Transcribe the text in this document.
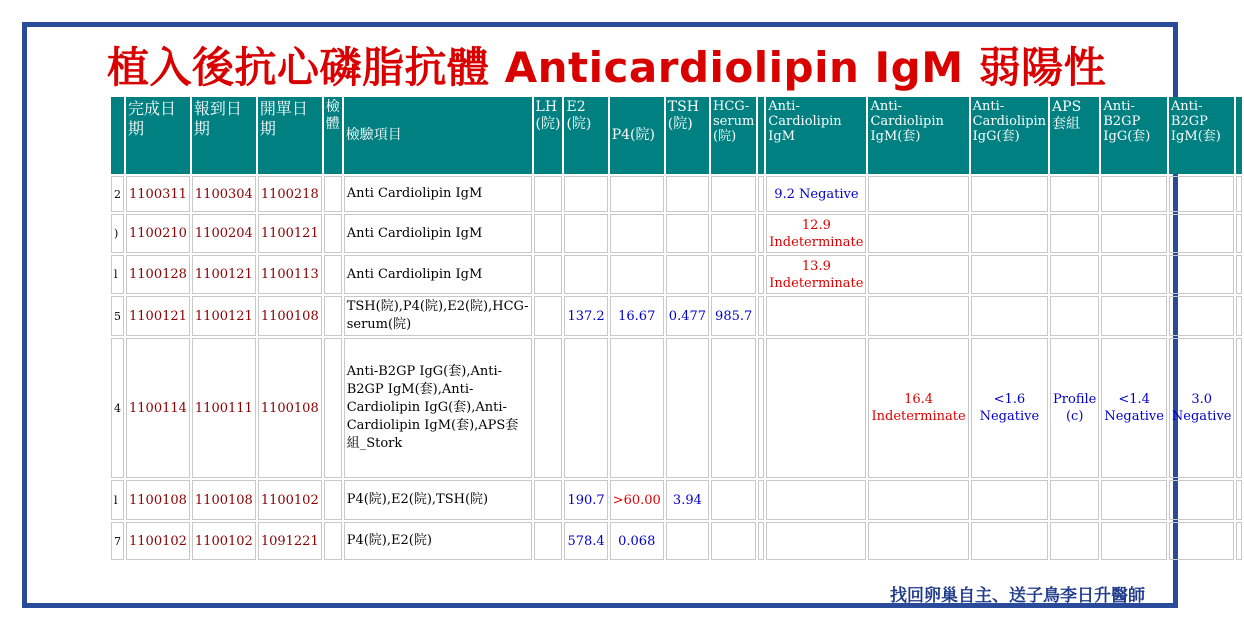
植入後抗心磷脂抗體 Anticardiolipin IgM 弱陽性
	完成日期	報到日期	開單日期	檢體	檢驗項目	LH (院)	E2 (院)	P4(院)	TSH (院)	HCG-serum (院)		Anti-Cardiolipin IgM	Anti-Cardiolipin IgM(套)	Anti-Cardiolipin IgG(套)	APS 套組	Anti-B2GP IgG(套)	Anti-B2GP IgM(套)	
2	1100311	1100304	1100218		Anti Cardiolipin IgM							9.2 Negative						
)	1100210	1100204	1100121		Anti Cardiolipin IgM							12.9 Indeterminate						
l	1100128	1100121	1100113		Anti Cardiolipin IgM							13.9 Indeterminate						
5	1100121	1100121	1100108		TSH(院),P4(院),E2(院),HCG-serum(院)		137.2	16.67	0.477	985.7								
4	1100114	1100111	1100108		Anti-B2GP IgG(套),Anti-B2GP IgM(套),Anti-Cardiolipin IgG(套),Anti-Cardiolipin IgM(套),APS套組_Stork								16.4 Indeterminate	<1.6 Negative	Profile (c)	<1.4 Negative	3.0 Negative	
l	1100108	1100108	1100102		P4(院),E2(院),TSH(院)		190.7	>60.00	3.94									
7	1100102	1100102	1091221		P4(院),E2(院)		578.4	0.068										
找回卵巢自主、送子鳥李日升醫師
